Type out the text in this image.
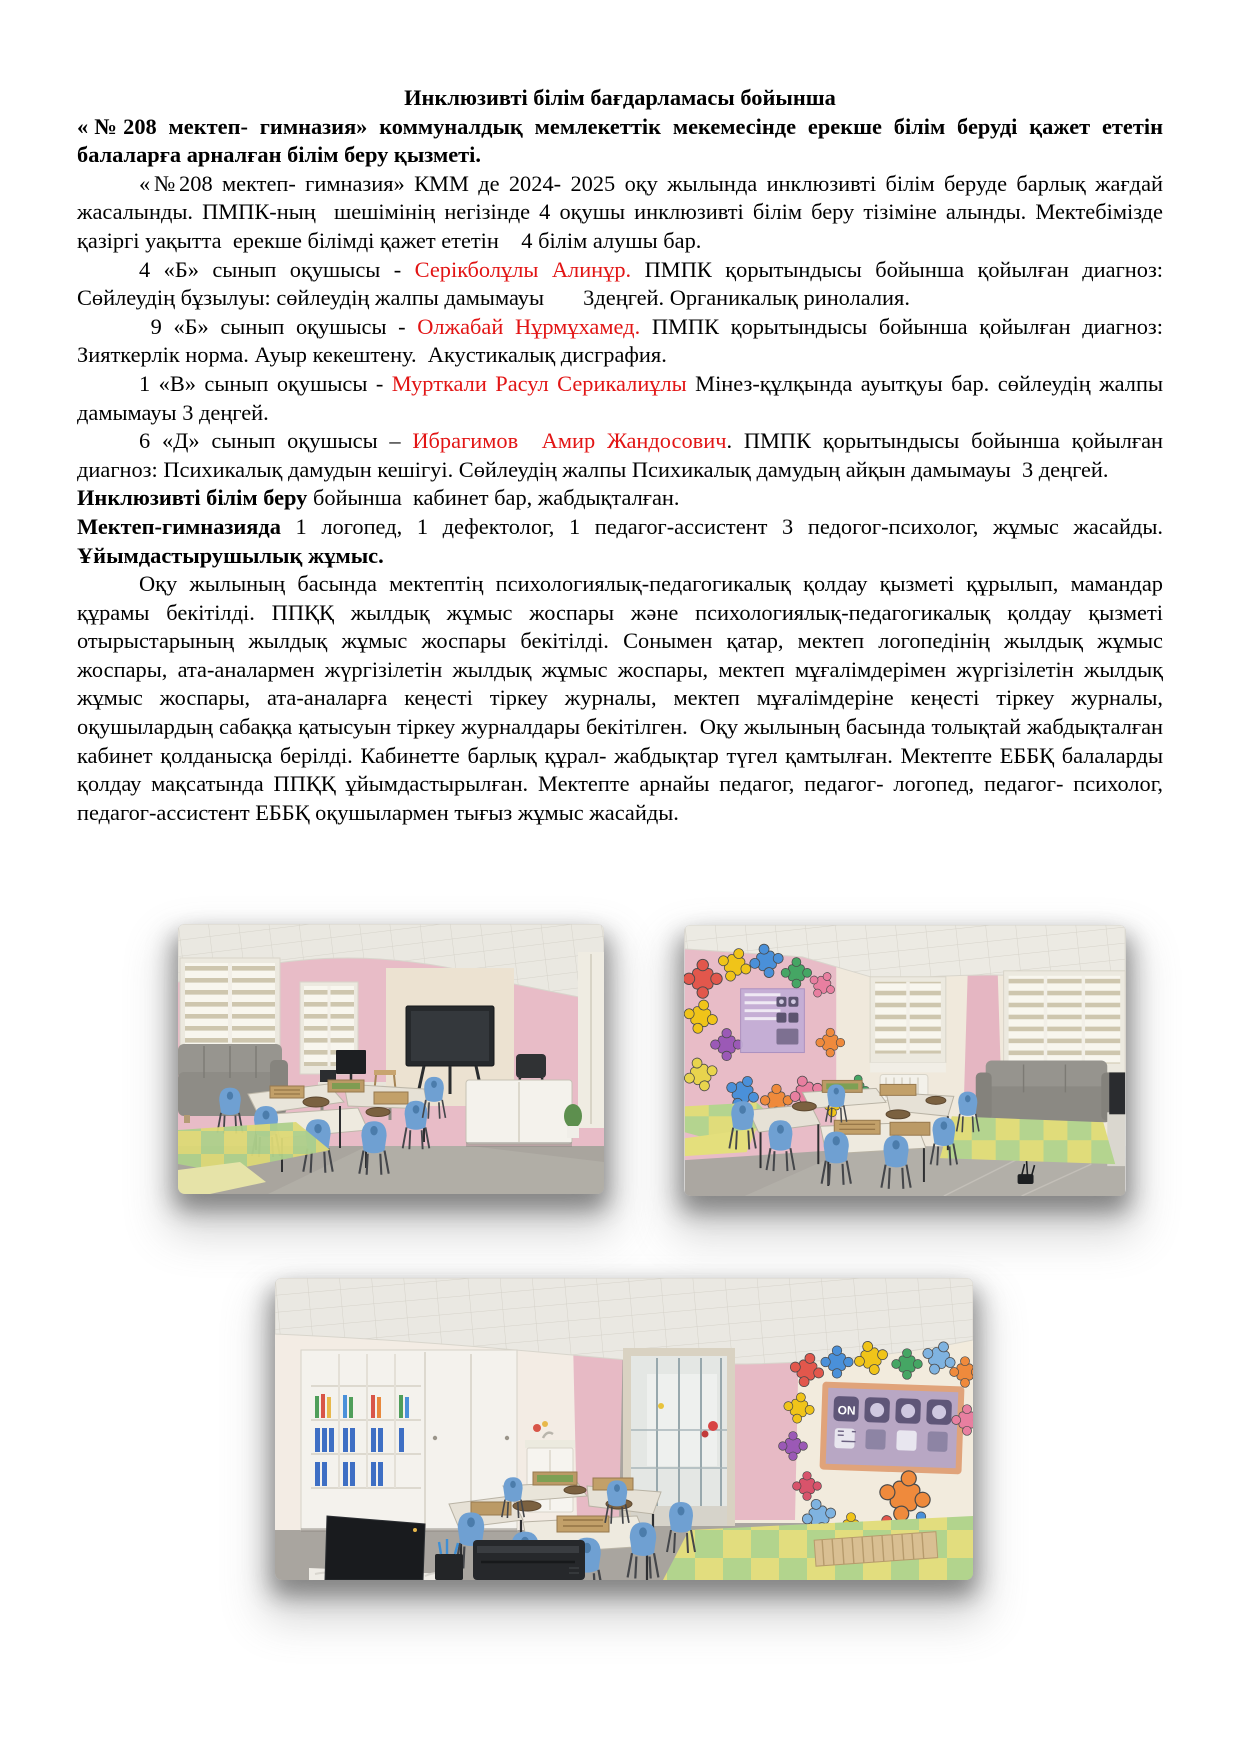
Инклюзивті білім бағдарламасы бойынша

«№208 мектеп- гимназия» коммуналдық мемлекеттік мекемесінде ерекше білім беруді қажет ететін балаларға арналған білім беру қызметі.

«№208 мектеп- гимназия» КММ де 2024- 2025 оқу жылында инклюзивті білім беруде барлық жағдай жасалынды. ПМПК-ның  шешімінің негізінде 4 оқушы инклюзивті білім беру тізіміне алынды. Мектебімізде қазіргі уақытта  ерекше білімді қажет ететін    4 білім алушы бар.

4 «Б» сынып оқушысы - Серікболұлы Алинұр. ПМПК қорытындысы бойынша қойылған диагноз: Сөйлеудің бұзылуы: сөйлеудің жалпы дамымауы       3деңгей. Органикалық ринолалия.

9 «Б» сынып оқушысы - Олжабай Нұрмұхамед. ПМПК қорытындысы бойынша қойылған диагноз: Зияткерлік норма. Ауыр кекештену.  Акустикалық дисграфия.

1 «В» сынып оқушысы - Мурткали Расул Серикалиұлы Мінез-құлқында ауытқуы бар. сөйлеудің жалпы дамымауы 3 деңгей.

6 «Д» сынып оқушысы – Ибрагимов  Амир Жандосович. ПМПК қорытындысы бойынша қойылған диагноз: Психикалық дамудын кешігуі. Сөйлеудің жалпы Психикалық дамудың айқын дамымауы  3 деңгей.

Инклюзивті білім беру бойынша  кабинет бар, жабдықталған.

Мектеп-гимназияда 1 логопед, 1 дефектолог, 1 педагог-ассистент 3 педогог-психолог, жұмыс жасайды.  Ұйымдастырушылық жұмыс.

Оқу жылының басында мектептің психологиялық-педагогикалық қолдау қызметі құрылып, мамандар құрамы бекітілді. ППҚҚ жылдық жұмыс жоспары және психологиялық-педагогикалық қолдау қызметі отырыстарының жылдық жұмыс жоспары бекітілді. Сонымен қатар, мектеп логопедінің жылдық жұмыс жоспары, ата-аналармен жүргізілетін жылдық жұмыс жоспары, мектеп мұғалімдерімен жүргізілетін жылдық жұмыс жоспары, ата-аналарға кеңесті тіркеу журналы, мектеп мұғалімдеріне кеңесті тіркеу журналы, оқушылардың сабаққа қатысуын тіркеу журналдары бекітілген.  Оқу жылының басында толықтай жабдықталған кабинет қолданысқа берілді. Кабинетте барлық құрал- жабдықтар түгел қамтылған. Мектепте ЕББҚ балаларды қолдау мақсатында ППҚҚ ұйымдастырылған. Мектепте арнайы педагог, педагог- логопед, педагог- психолог, педагог-ассистент ЕББҚ оқушылармен тығыз жұмыс жасайды.

ON
